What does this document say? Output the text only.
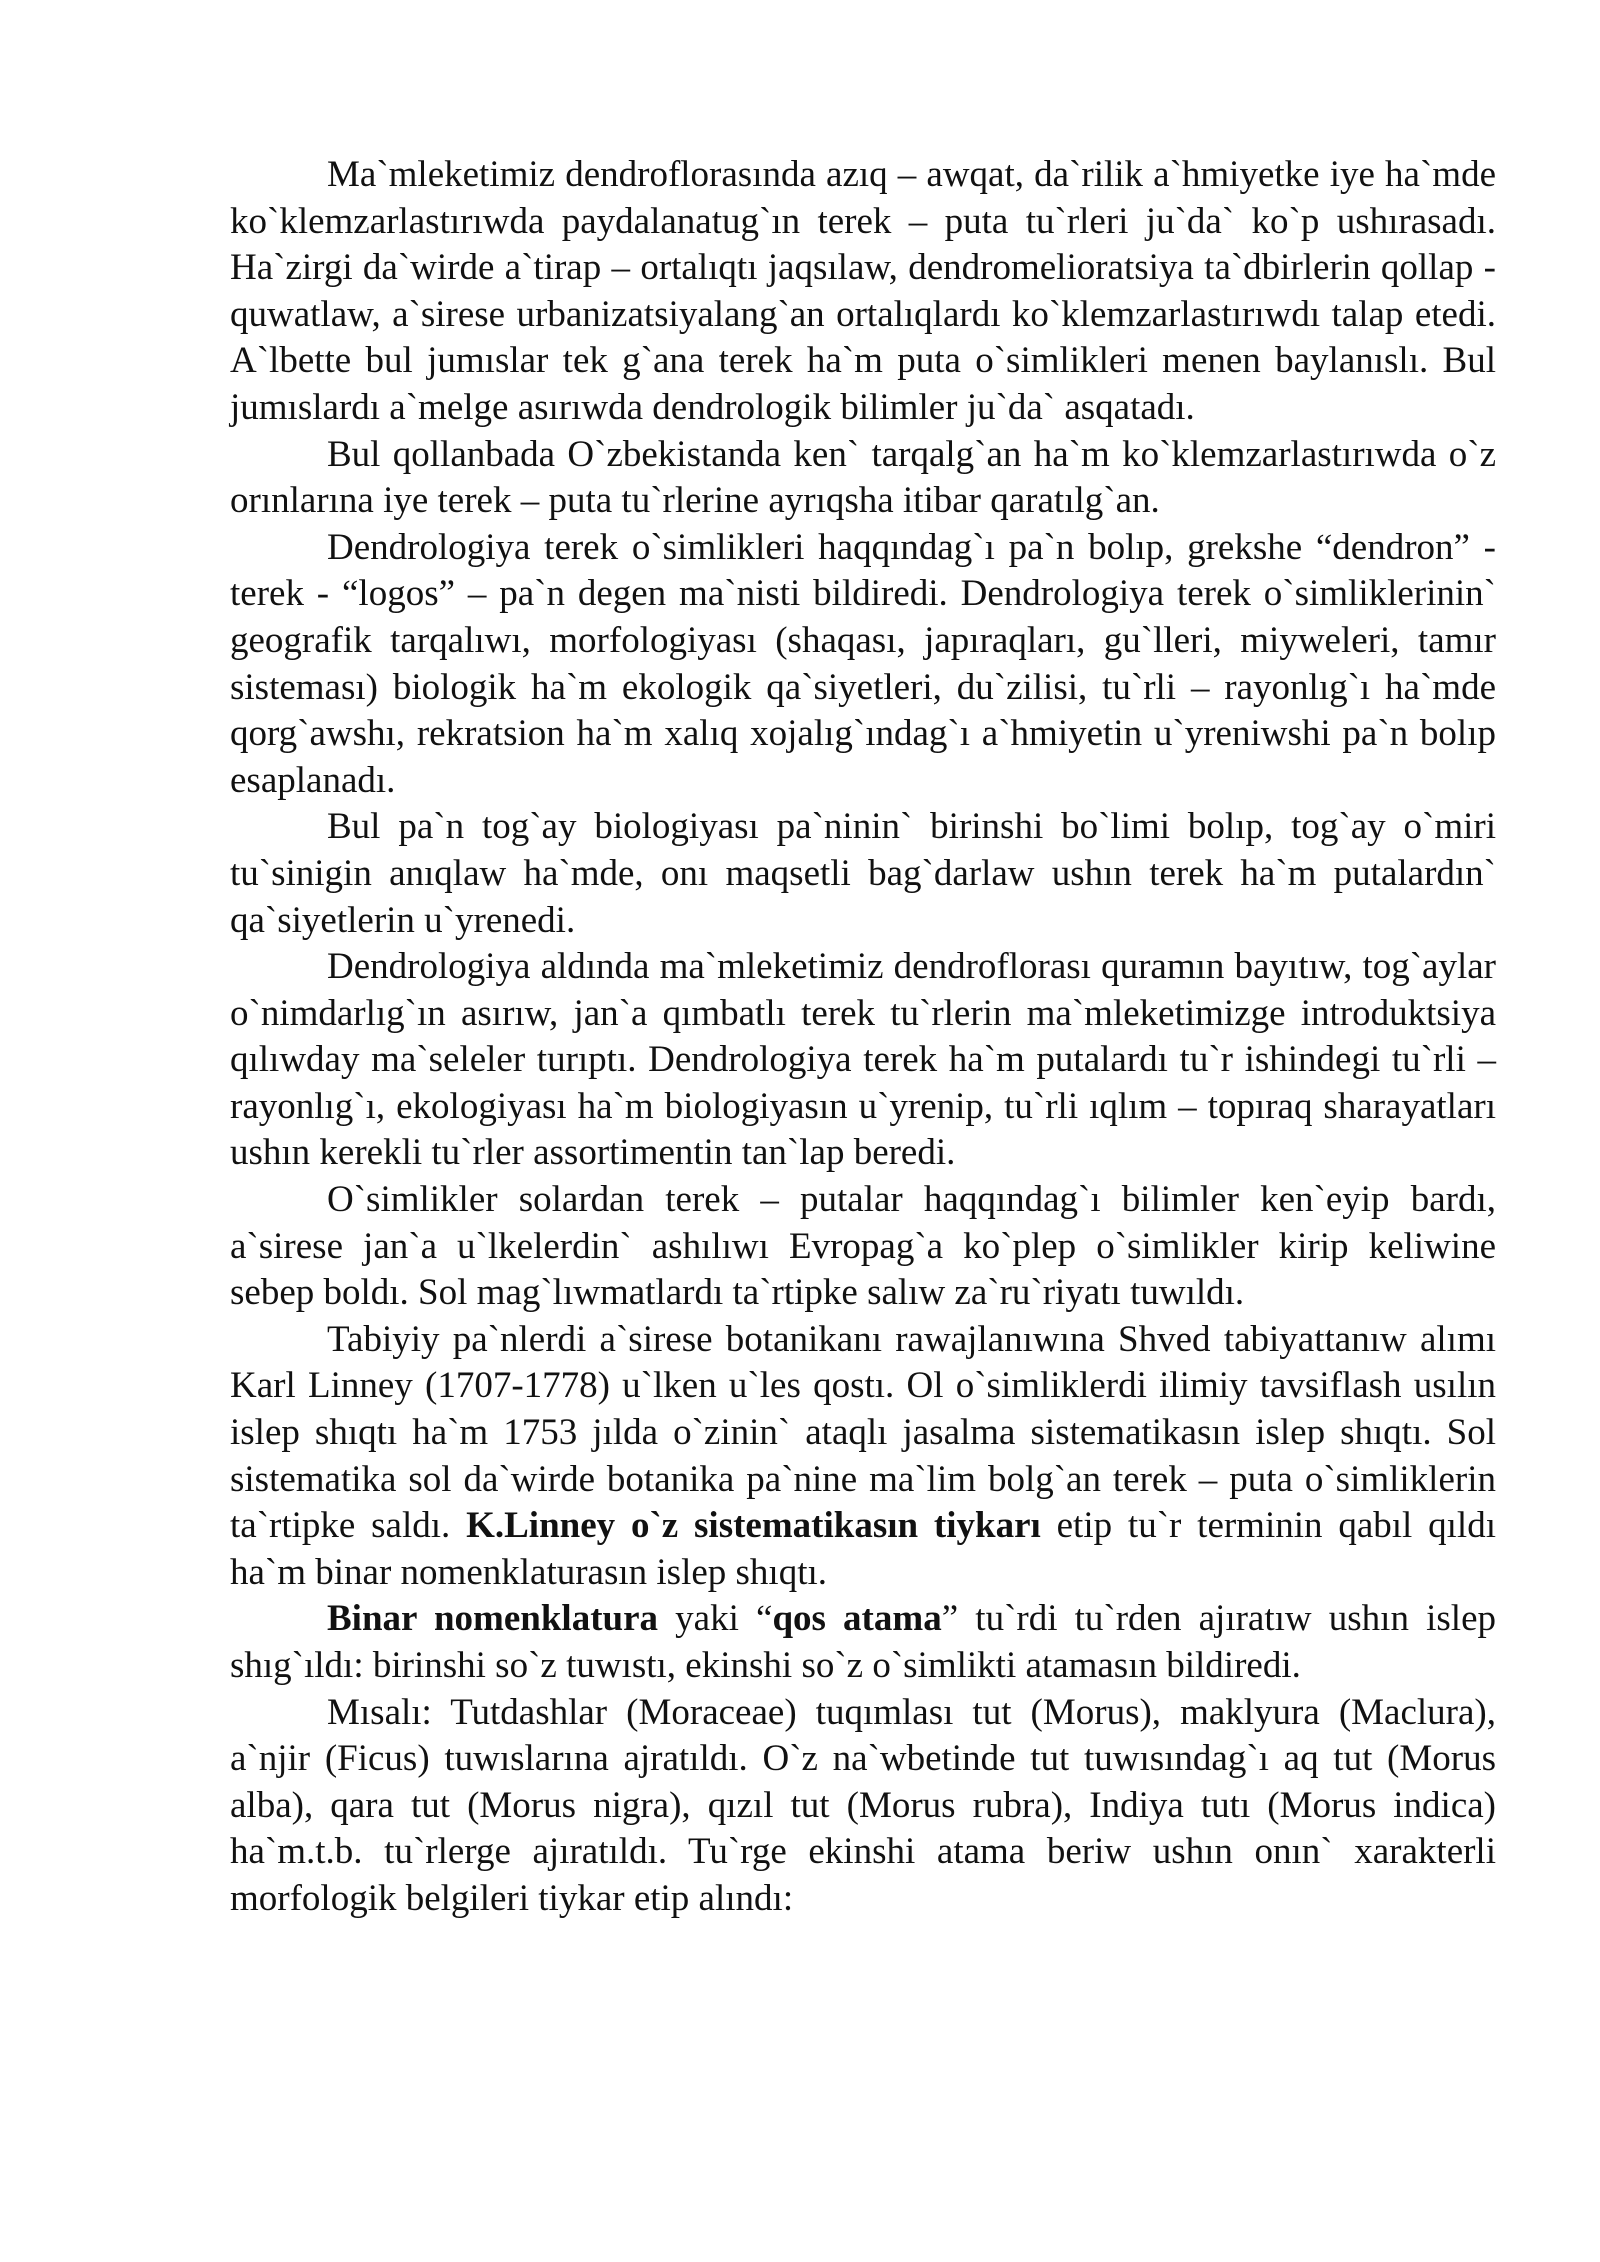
Ma`mleketimiz dendroflorasında azıq – awqat, da`rilik a`hmiyetke iye ha`mde ko`klemzarlastırıwda paydalanatug`ın terek – puta tu`rleri ju`da` ko`p ushırasadı. Ha`zirgi da`wirde a`tirap – ortalıqtı jaqsılaw, dendromelioratsiya ta`dbirlerin qollap - quwatlaw, a`sirese urbanizatsiyalang`an ortalıqlardı ko`klemzarlastırıwdı talap etedi. A`lbette bul jumıslar tek g`ana terek ha`m puta o`simlikleri menen baylanıslı. Bul jumıslardı a`melge asırıwda dendrologik bilimler ju`da` asqatadı.

Bul qollanbada O`zbekistanda ken` tarqalg`an ha`m ko`klemzarlastırıwda o`z orınlarına iye terek – puta tu`rlerine ayrıqsha itibar qaratılg`an.

Dendrologiya terek o`simlikleri haqqındag`ı pa`n bolıp, grekshe “dendron” - terek - “logos” – pa`n degen ma`nisti bildiredi. Dendrologiya terek o`simliklerinin` geografik tarqalıwı, morfologiyası (shaqası, japıraqları, gu`lleri, miyweleri, tamır sisteması) biologik ha`m ekologik qa`siyetleri, du`zilisi, tu`rli – rayonlıg`ı ha`mde qorg`awshı, rekratsion ha`m xalıq xojalıg`ındag`ı a`hmiyetin u`yreniwshi pa`n bolıp esaplanadı.

Bul pa`n tog`ay biologiyası pa`ninin` birinshi bo`limi bolıp, tog`ay o`miri tu`sinigin anıqlaw ha`mde, onı maqsetli bag`darlaw ushın terek ha`m putalardın` qa`siyetlerin u`yrenedi.

Dendrologiya aldında ma`mleketimiz dendroflorası quramın bayıtıw, tog`aylar o`nimdarlıg`ın asırıw, jan`a qımbatlı terek tu`rlerin ma`mleketimizge introduktsiya qılıwday ma`seleler turıptı. Dendrologiya terek ha`m putalardı tu`r ishindegi tu`rli –rayonlıg`ı, ekologiyası ha`m biologiyasın u`yrenip, tu`rli ıqlım – topıraq sharayatları ushın kerekli tu`rler assortimentin tan`lap beredi.

O`simlikler solardan terek – putalar haqqındag`ı bilimler ken`eyip bardı, a`sirese jan`a u`lkelerdin` ashılıwı Evropag`a ko`plep o`simlikler kirip keliwine sebep boldı. Sol mag`lıwmatlardı ta`rtipke salıw za`ru`riyatı tuwıldı.

Tabiyiy pa`nlerdi a`sirese botanikanı rawajlanıwına Shved tabiyattanıw alımı Karl Linney (1707-1778) u`lken u`les qostı. Ol o`simliklerdi ilimiy tavsiflash usılın islep shıqtı ha`m 1753 jılda o`zinin` ataqlı jasalma sistematikasın islep shıqtı. Sol sistematika sol da`wirde botanika pa`nine ma`lim bolg`an terek – puta o`simliklerin ta`rtipke saldı. K.Linney o`z sistematikasın tiykarı etip tu`r terminin qabıl qıldı ha`m binar nomenklaturasın islep shıqtı.

Binar nomenklatura yaki “qos atama” tu`rdi tu`rden ajıratıw ushın islep shıg`ıldı: birinshi so`z tuwıstı, ekinshi so`z o`simlikti atamasın bildiredi.

Mısalı: Tutdashlar (Moraceae) tuqımlası tut (Morus), maklyura (Maclura), a`njir (Ficus) tuwıslarına ajratıldı. O`z na`wbetinde tut tuwısındag`ı aq tut (Morus alba), qara tut (Morus nigra), qızıl tut (Morus rubra), Indiya tutı (Morus indica) ha`m.t.b. tu`rlerge ajıratıldı. Tu`rge ekinshi atama beriw ushın onın` xarakterli morfologik belgileri tiykar etip alındı:
